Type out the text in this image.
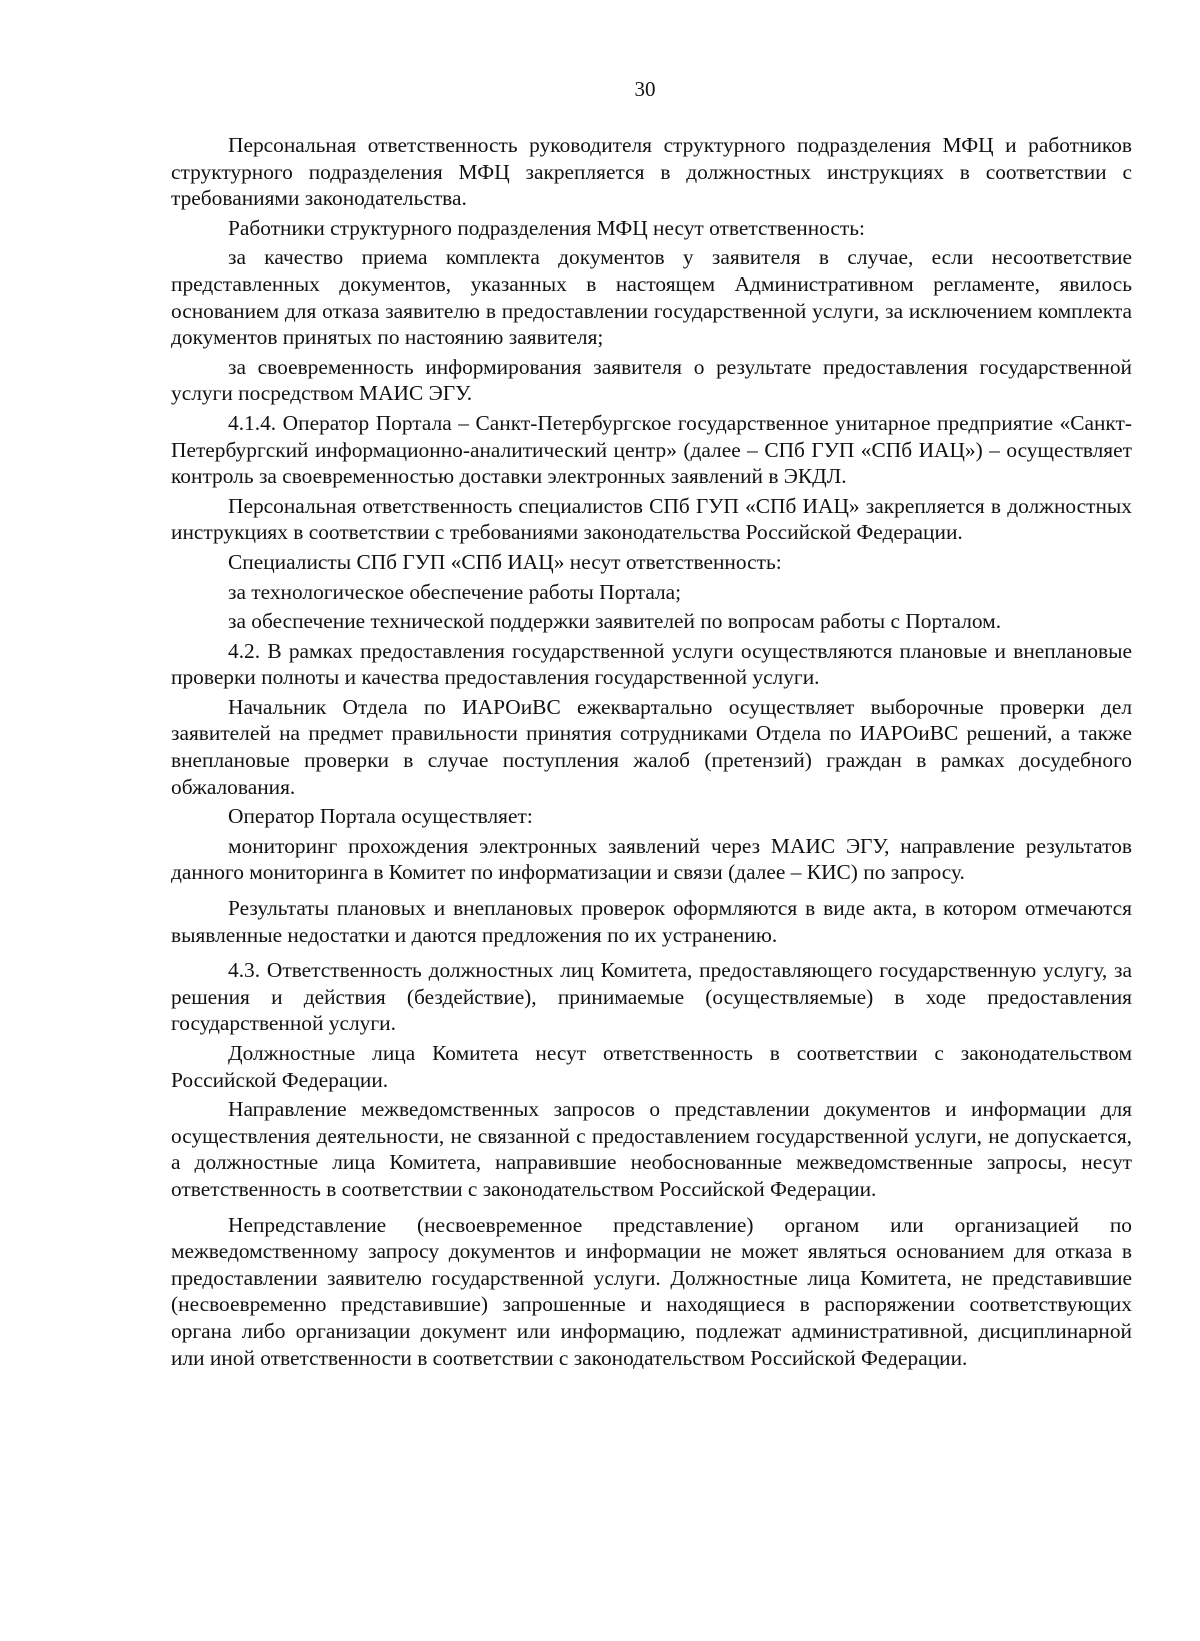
30

Персональная ответственность руководителя структурного подразделения МФЦ и работников структурного подразделения МФЦ закрепляется в должностных инструкциях в соответствии с требованиями законодательства.

Работники структурного подразделения МФЦ несут ответственность:

за качество приема комплекта документов у заявителя в случае, если несоответствие представленных документов, указанных в настоящем Административном регламенте, явилось основанием для отказа заявителю в предоставлении государственной услуги, за исключением комплекта документов принятых по настоянию заявителя;

за своевременность информирования заявителя о результате предоставления государственной услуги посредством МАИС ЭГУ.

4.1.4. Оператор Портала – Санкт-Петербургское государственное унитарное предприятие «Санкт-Петербургский информационно-аналитический центр» (далее – СПб ГУП «СПб ИАЦ») – осуществляет контроль за своевременностью доставки электронных заявлений в ЭКДЛ.

Персональная ответственность специалистов СПб ГУП «СПб ИАЦ» закрепляется в должностных инструкциях в соответствии с требованиями законодательства Российской Федерации.

Специалисты СПб ГУП «СПб ИАЦ» несут ответственность:

за технологическое обеспечение работы Портала;

за обеспечение технической поддержки заявителей по вопросам работы с Порталом.

4.2. В рамках предоставления государственной услуги осуществляются плановые и внеплановые проверки полноты и качества предоставления государственной услуги.

Начальник Отдела по ИАРОиВС ежеквартально осуществляет выборочные проверки дел заявителей на предмет правильности принятия сотрудниками Отдела по ИАРОиВС решений, а также внеплановые проверки в случае поступления жалоб (претензий) граждан в рамках досудебного обжалования.

Оператор Портала осуществляет:

мониторинг прохождения электронных заявлений через МАИС ЭГУ, направление результатов данного мониторинга в Комитет по информатизации и связи (далее – КИС) по запросу.

Результаты плановых и внеплановых проверок оформляются в виде акта, в котором отмечаются выявленные недостатки и даются предложения по их устранению.

4.3. Ответственность должностных лиц Комитета, предоставляющего государственную услугу, за решения и действия (бездействие), принимаемые (осуществляемые) в ходе предоставления государственной услуги.

Должностные лица Комитета несут ответственность в соответствии с законодательством Российской Федерации.

Направление межведомственных запросов о представлении документов и информации для осуществления деятельности, не связанной с предоставлением государственной услуги, не допускается, а должностные лица Комитета, направившие необоснованные межведомственные запросы, несут ответственность в соответствии с законодательством Российской Федерации.

Непредставление (несвоевременное представление) органом или организацией по межведомственному запросу документов и информации не может являться основанием для отказа в предоставлении заявителю государственной услуги. Должностные лица Комитета, не представившие (несвоевременно представившие) запрошенные и находящиеся в распоряжении соответствующих органа либо организации документ или информацию, подлежат административной, дисциплинарной или иной ответственности в соответствии с законодательством Российской Федерации.
